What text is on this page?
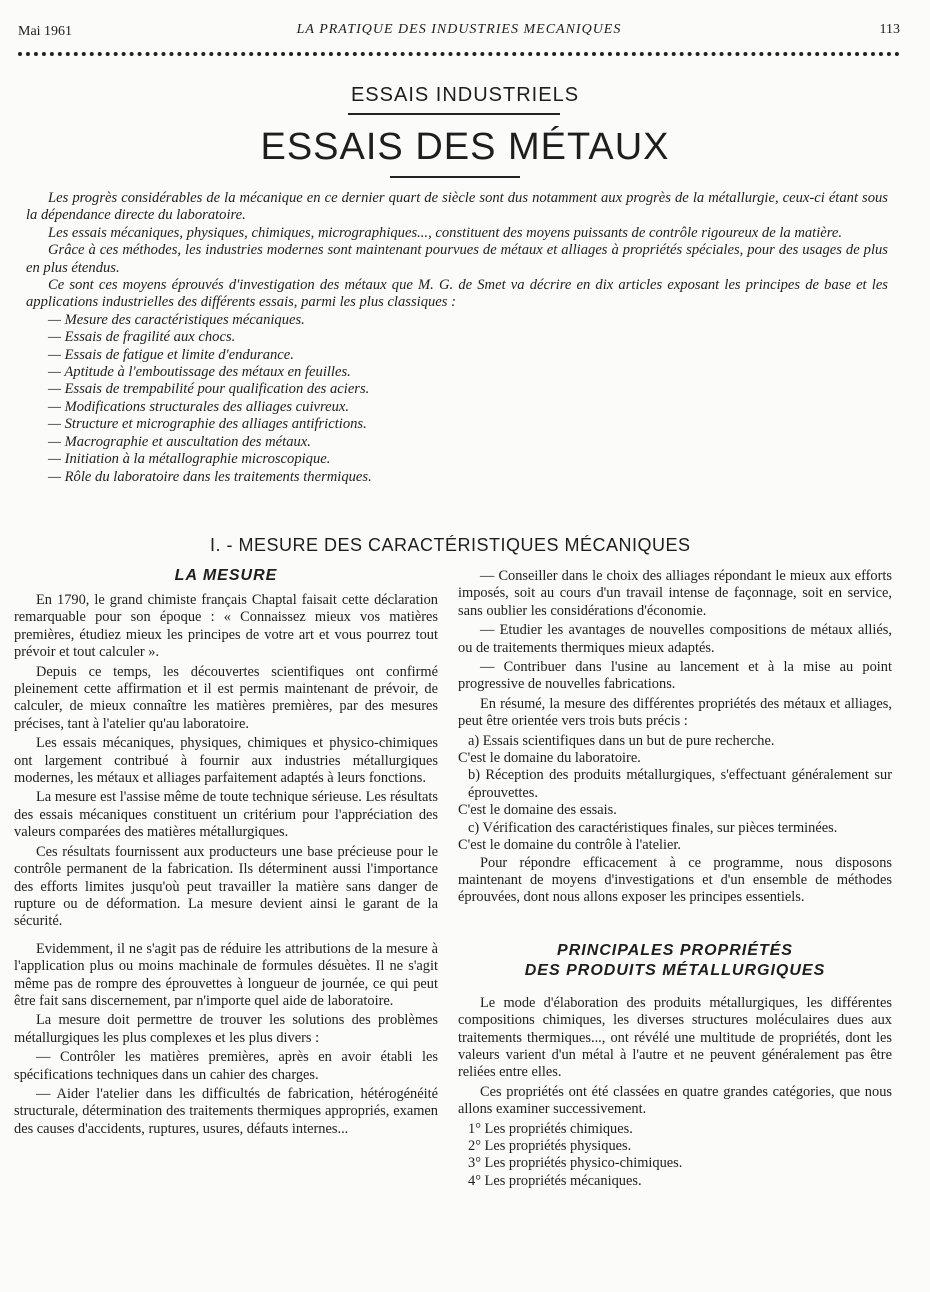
Mai 1961	LA PRATIQUE DES INDUSTRIES MECANIQUES	113
ESSAIS INDUSTRIELS
ESSAIS DES MÉTAUX

Les progrès considérables de la mécanique en ce dernier quart de siècle sont dus notamment aux progrès de la métallurgie, ceux-ci étant sous la dépendance directe du laboratoire.

Les essais mécaniques, physiques, chimiques, micrographiques..., constituent des moyens puissants de contrôle rigoureux de la matière.

Grâce à ces méthodes, les industries modernes sont maintenant pourvues de métaux et alliages à propriétés spéciales, pour des usages de plus en plus étendus.

Ce sont ces moyens éprouvés d'investigation des métaux que M. G. de Smet va décrire en dix articles exposant les principes de base et les applications industrielles des différents essais, parmi les plus classiques :

— Mesure des caractéristiques mécaniques.
— Essais de fragilité aux chocs.
— Essais de fatigue et limite d'endurance.
— Aptitude à l'emboutissage des métaux en feuilles.
— Essais de trempabilité pour qualification des aciers.
— Modifications structurales des alliages cuivreux.
— Structure et micrographie des alliages antifrictions.
— Macrographie et auscultation des métaux.
— Initiation à la métallographie microscopique.
— Rôle du laboratoire dans les traitements thermiques.
I. - MESURE DES CARACTÉRISTIQUES MÉCANIQUES
LA MESURE

En 1790, le grand chimiste français Chaptal faisait cette déclaration remarquable pour son époque : « Connaissez mieux vos matières premières, étudiez mieux les principes de votre art et vous pourrez tout prévoir et tout calculer ».

Depuis ce temps, les découvertes scientifiques ont confirmé pleinement cette affirmation et il est permis maintenant de prévoir, de calculer, de mieux connaître les matières premières, par des mesures précises, tant à l'atelier qu'au laboratoire.

Les essais mécaniques, physiques, chimiques et physico-chimiques ont largement contribué à fournir aux industries métallurgiques modernes, les métaux et alliages parfaitement adaptés à leurs fonctions.

La mesure est l'assise même de toute technique sérieuse. Les résultats des essais mécaniques constituent un critérium pour l'appréciation des valeurs comparées des matières métallurgiques.

Ces résultats fournissent aux producteurs une base précieuse pour le contrôle permanent de la fabrication. Ils déterminent aussi l'importance des efforts limites jusqu'où peut travailler la matière sans danger de rupture ou de déformation. La mesure devient ainsi le garant de la sécurité.

Evidemment, il ne s'agit pas de réduire les attributions de la mesure à l'application plus ou moins machinale de formules désuètes. Il ne s'agit même pas de rompre des éprouvettes à longueur de journée, ce qui peut être fait sans discernement, par n'importe quel aide de laboratoire.

La mesure doit permettre de trouver les solutions des problèmes métallurgiques les plus complexes et les plus divers :

— Contrôler les matières premières, après en avoir établi les spécifications techniques dans un cahier des charges.

— Aider l'atelier dans les difficultés de fabrication, hétérogénéité structurale, détermination des traitements thermiques appropriés, examen des causes d'accidents, ruptures, usures, défauts internes...

— Conseiller dans le choix des alliages répondant le mieux aux efforts imposés, soit au cours d'un travail intense de façonnage, soit en service, sans oublier les considérations d'économie.

— Etudier les avantages de nouvelles compositions de métaux alliés, ou de traitements thermiques mieux adaptés.

— Contribuer dans l'usine au lancement et à la mise au point progressive de nouvelles fabrications.

En résumé, la mesure des différentes propriétés des métaux et alliages, peut être orientée vers trois buts précis :

a) Essais scientifiques dans un but de pure recherche.

C'est le domaine du laboratoire.

b) Réception des produits métallurgiques, s'effectuant généralement sur éprouvettes.

C'est le domaine des essais.

c) Vérification des caractéristiques finales, sur pièces terminées.

C'est le domaine du contrôle à l'atelier.

Pour répondre efficacement à ce programme, nous disposons maintenant de moyens d'investigations et d'un ensemble de méthodes éprouvées, dont nous allons exposer les principes essentiels.

PRINCIPALES PROPRIÉTÉS
DES PRODUITS MÉTALLURGIQUES

Le mode d'élaboration des produits métallurgiques, les différentes compositions chimiques, les diverses structures moléculaires dues aux traitements thermiques..., ont révélé une multitude de propriétés, dont les valeurs varient d'un métal à l'autre et ne peuvent généralement pas être reliées entre elles.

Ces propriétés ont été classées en quatre grandes catégories, que nous allons examiner successivement.

1° Les propriétés chimiques.

2° Les propriétés physiques.

3° Les propriétés physico-chimiques.

4° Les propriétés mécaniques.
